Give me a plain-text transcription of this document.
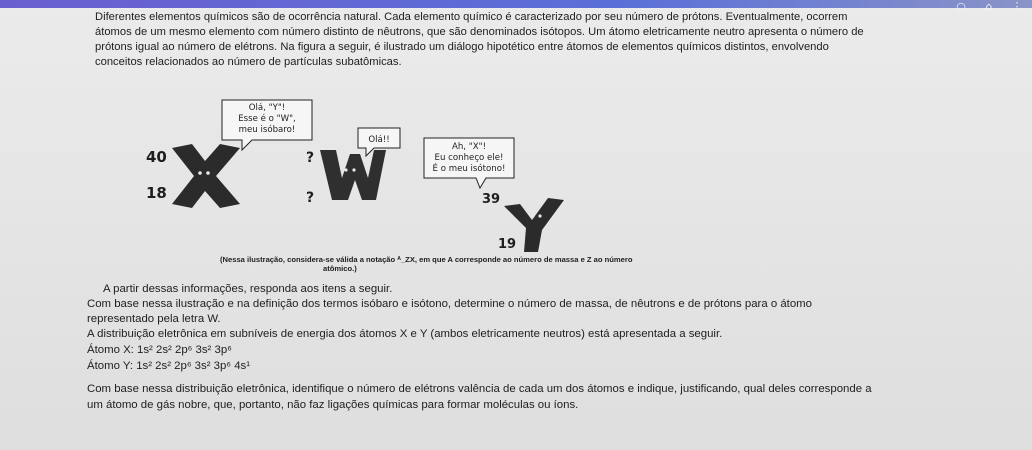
○	⌂	⋮
Diferentes elementos químicos são de ocorrência natural. Cada elemento químico é caracterizado por seu número de prótons. Eventualmente, ocorrem
átomos de um mesmo elemento com número distinto de nêutrons, que são denominados isótopos. Um átomo eletricamente neutro apresenta o número de
prótons igual ao número de elétrons. Na figura a seguir, é ilustrado um diálogo hipotético entre átomos de elementos químicos distintos, envolvendo
conceitos relacionados ao número de partículas subatômicas.
Olá, "Y"!
Esse é o "W",
meu isóbaro!
Olá!!
Ah, "X"!
Eu conheço ele!
É o meu isótono!
40
18
?
?	39
19
(Nessa ilustração, considera-se válida a notação ᴬ_ZX, em que A corresponde ao número de massa e Z ao número
atômico.)
A partir dessas informações, responda aos itens a seguir.
Com base nessa ilustração e na definição dos termos isóbaro e isótono, determine o número de massa, de nêutrons e de prótons para o átomo
representado pela letra W.
A distribuição eletrônica em subníveis de energia dos átomos X e Y (ambos eletricamente neutros) está apresentada a seguir.
Átomo X: 1s² 2s² 2p⁶ 3s² 3p⁶
Átomo Y: 1s² 2s² 2p⁶ 3s² 3p⁶ 4s¹
Com base nessa distribuição eletrônica, identifique o número de elétrons valência de cada um dos átomos e indique, justificando, qual deles corresponde a
um átomo de gás nobre, que, portanto, não faz ligações químicas para formar moléculas ou íons.
